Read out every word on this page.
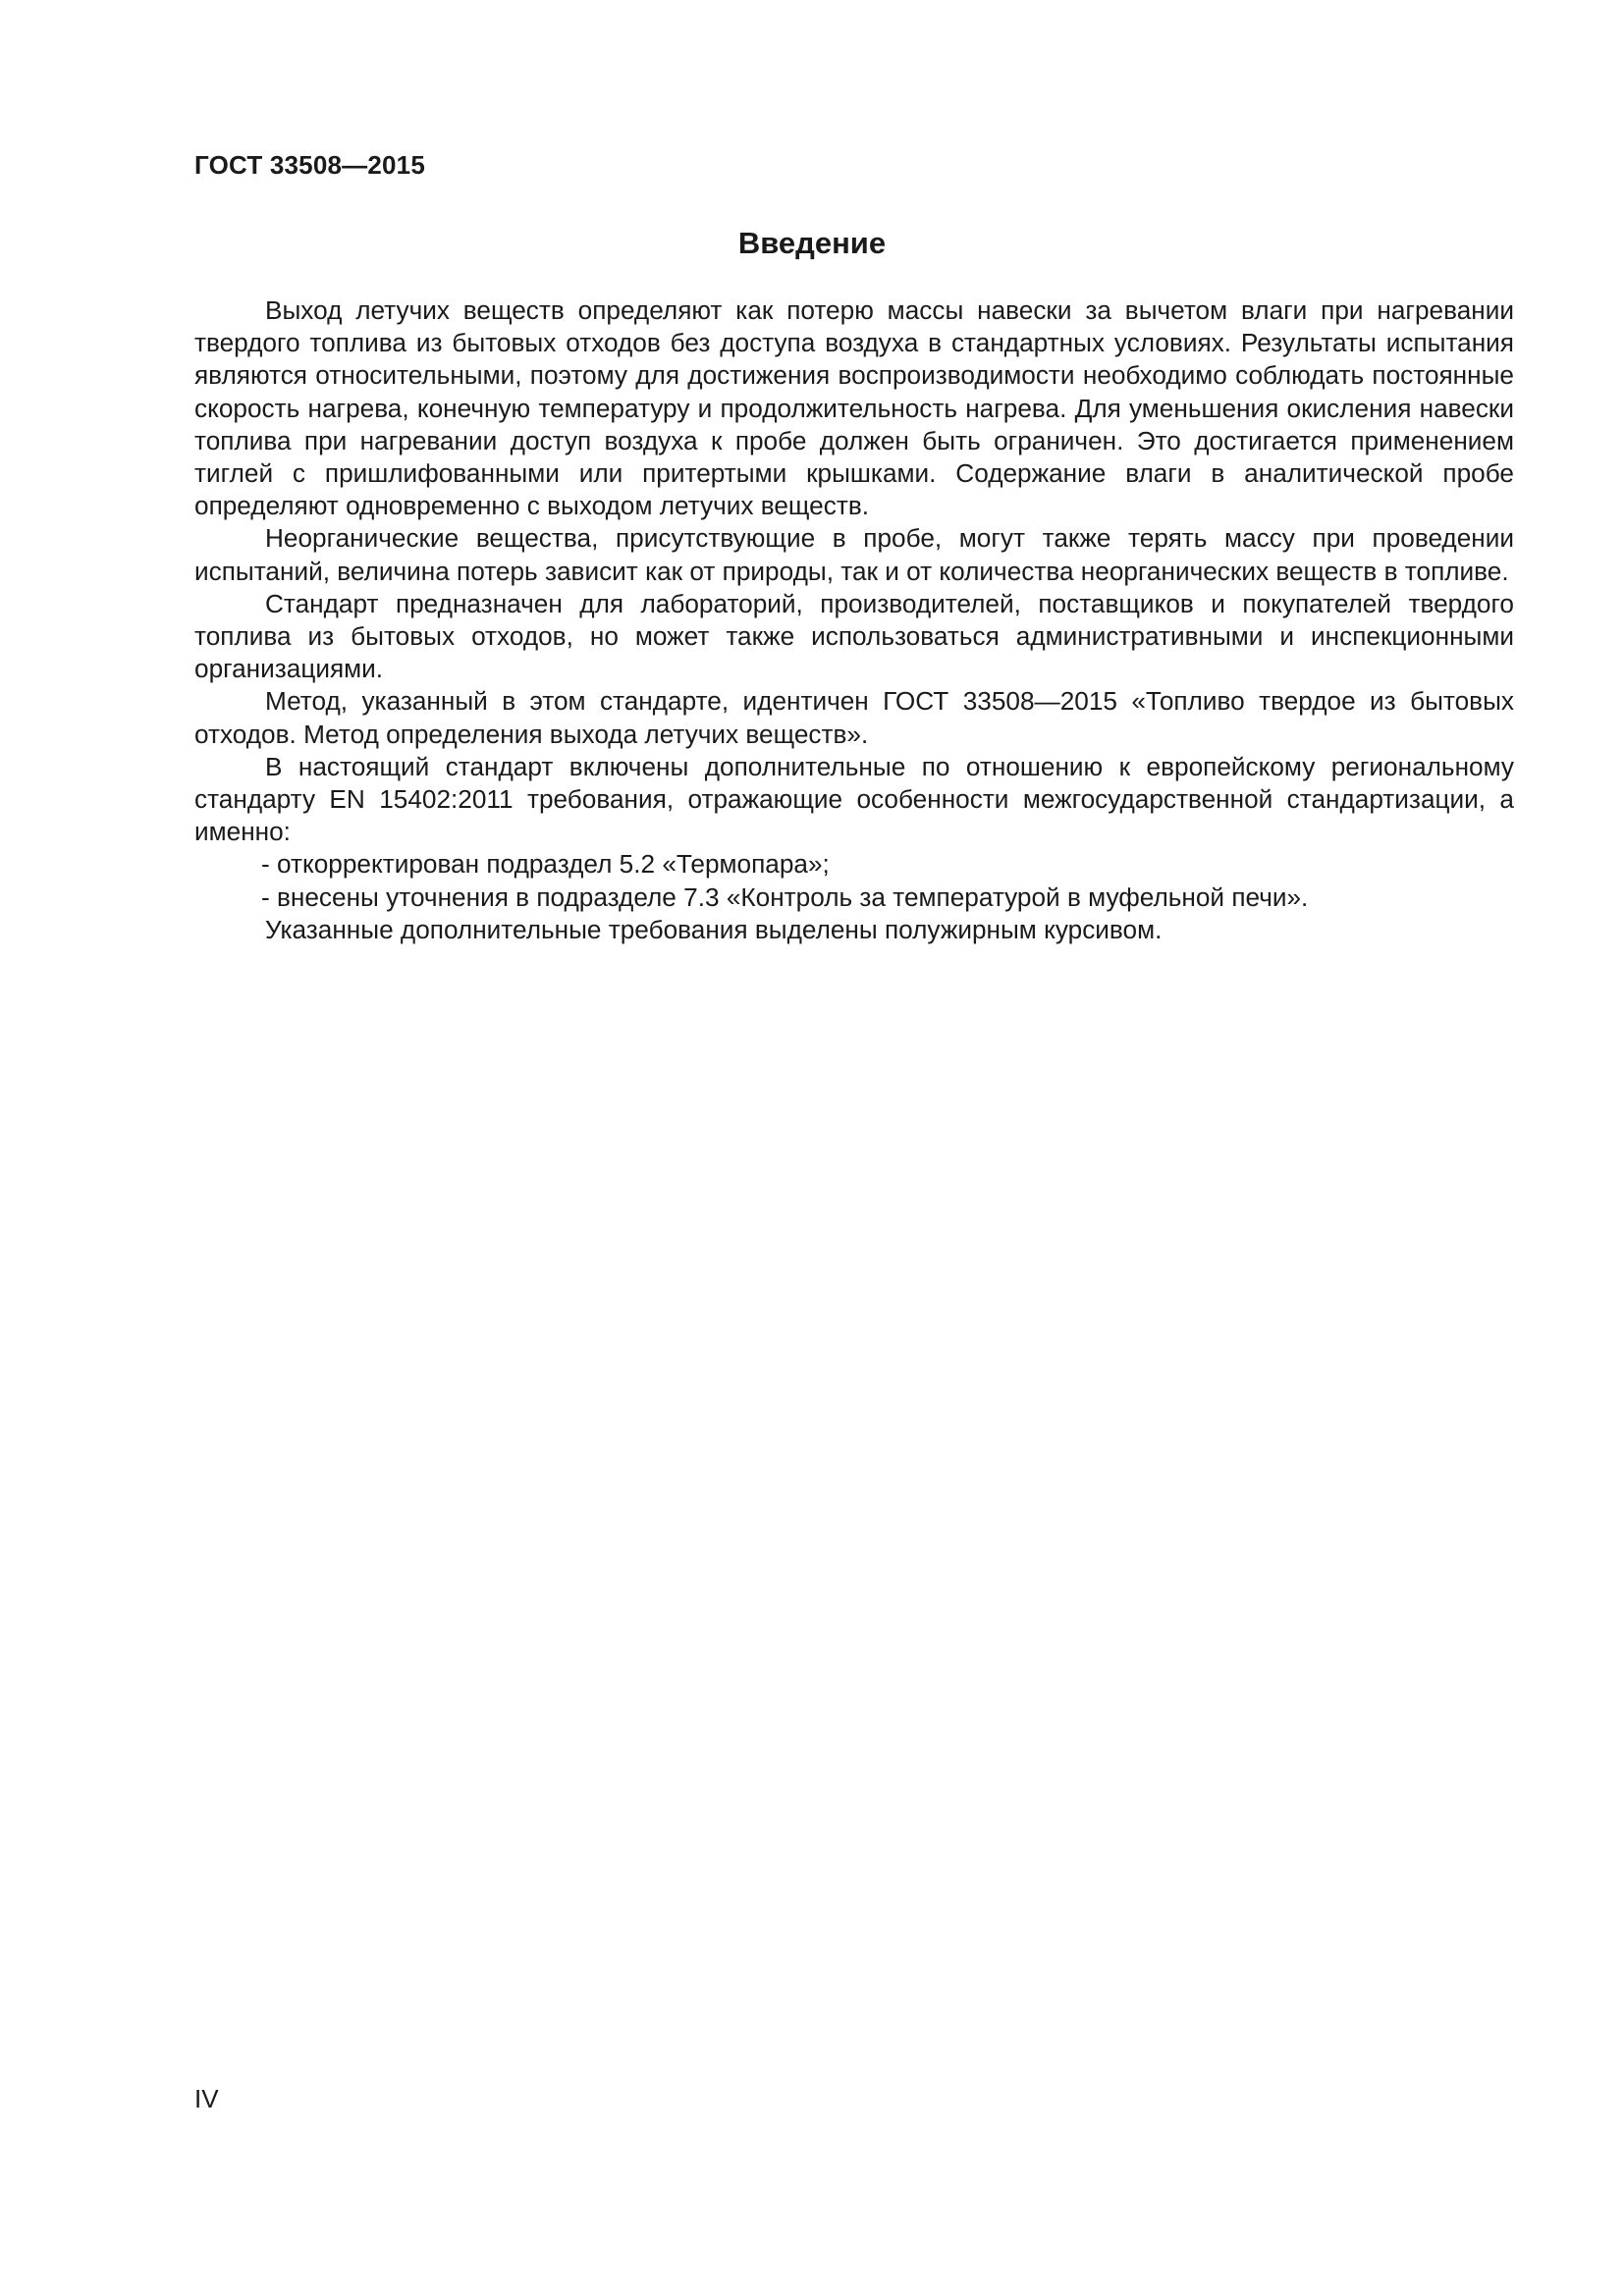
ГОСТ 33508—2015
Введение

Выход летучих веществ определяют как потерю массы навески за вычетом влаги при нагревании твердого топлива из бытовых отходов без доступа воздуха в стандартных условиях. Результаты испытания являются относительными, поэтому для достижения воспроизводимости необходимо соблюдать постоянные скорость нагрева, конечную температуру и продолжительность нагрева. Для уменьшения окисления навески топлива при нагревании доступ воздуха к пробе должен быть ограничен. Это достигается применением тиглей с пришлифованными или притертыми крышками. Содержание влаги в аналитической пробе определяют одновременно с выходом летучих веществ.

Неорганические вещества, присутствующие в пробе, могут также терять массу при проведении испытаний, величина потерь зависит как от природы, так и от количества неорганических веществ в топливе.

Стандарт предназначен для лабораторий, производителей, поставщиков и покупателей твердого топлива из бытовых отходов, но может также использоваться административными и инспекционными организациями.

Метод, указанный в этом стандарте, идентичен ГОСТ 33508—2015 «Топливо твердое из бытовых отходов. Метод определения выхода летучих веществ».

В настоящий стандарт включены дополнительные по отношению к европейскому региональному стандарту EN 15402:2011 требования, отражающие особенности межгосударственной стандартизации, а именно:

- откорректирован подраздел 5.2 «Термопара»;

- внесены уточнения в подразделе 7.3 «Контроль за температурой в муфельной печи».

Указанные дополнительные требования выделены полужирным курсивом.

IV
